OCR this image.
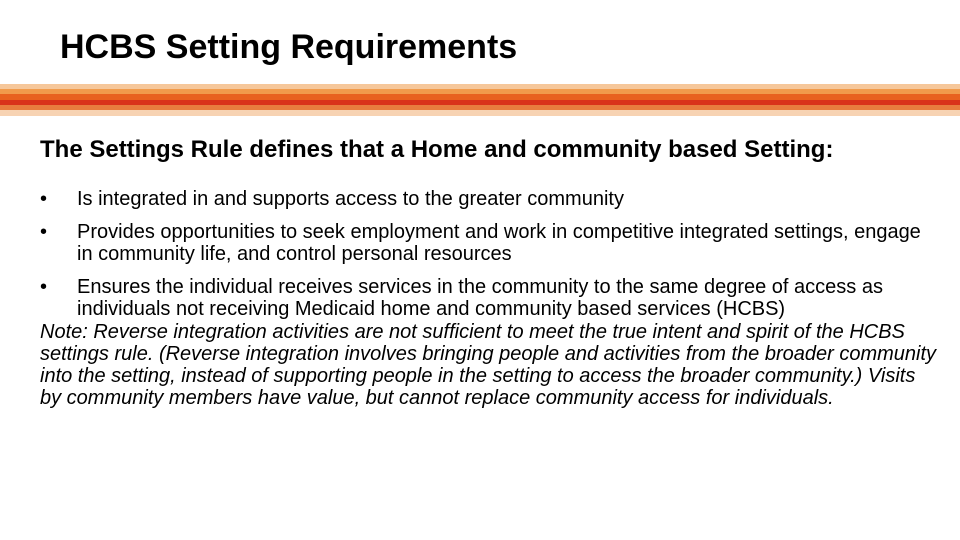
HCBS Setting Requirements

The Settings Rule defines that a Home and community based Setting:

• Is integrated in and supports access to the greater community
• Provides opportunities to seek employment and work in competitive integrated settings, engage in community life, and control personal resources
• Ensures the individual receives services in the community to the same degree of access as individuals not receiving Medicaid home and community based services (HCBS)

Note: Reverse integration activities are not sufficient to meet the true intent and spirit of the HCBS settings rule. (Reverse integration involves bringing people and activities from the broader community into the setting, instead of supporting people in the setting to access the broader community.) Visits by community members have value, but cannot replace community access for individuals.
